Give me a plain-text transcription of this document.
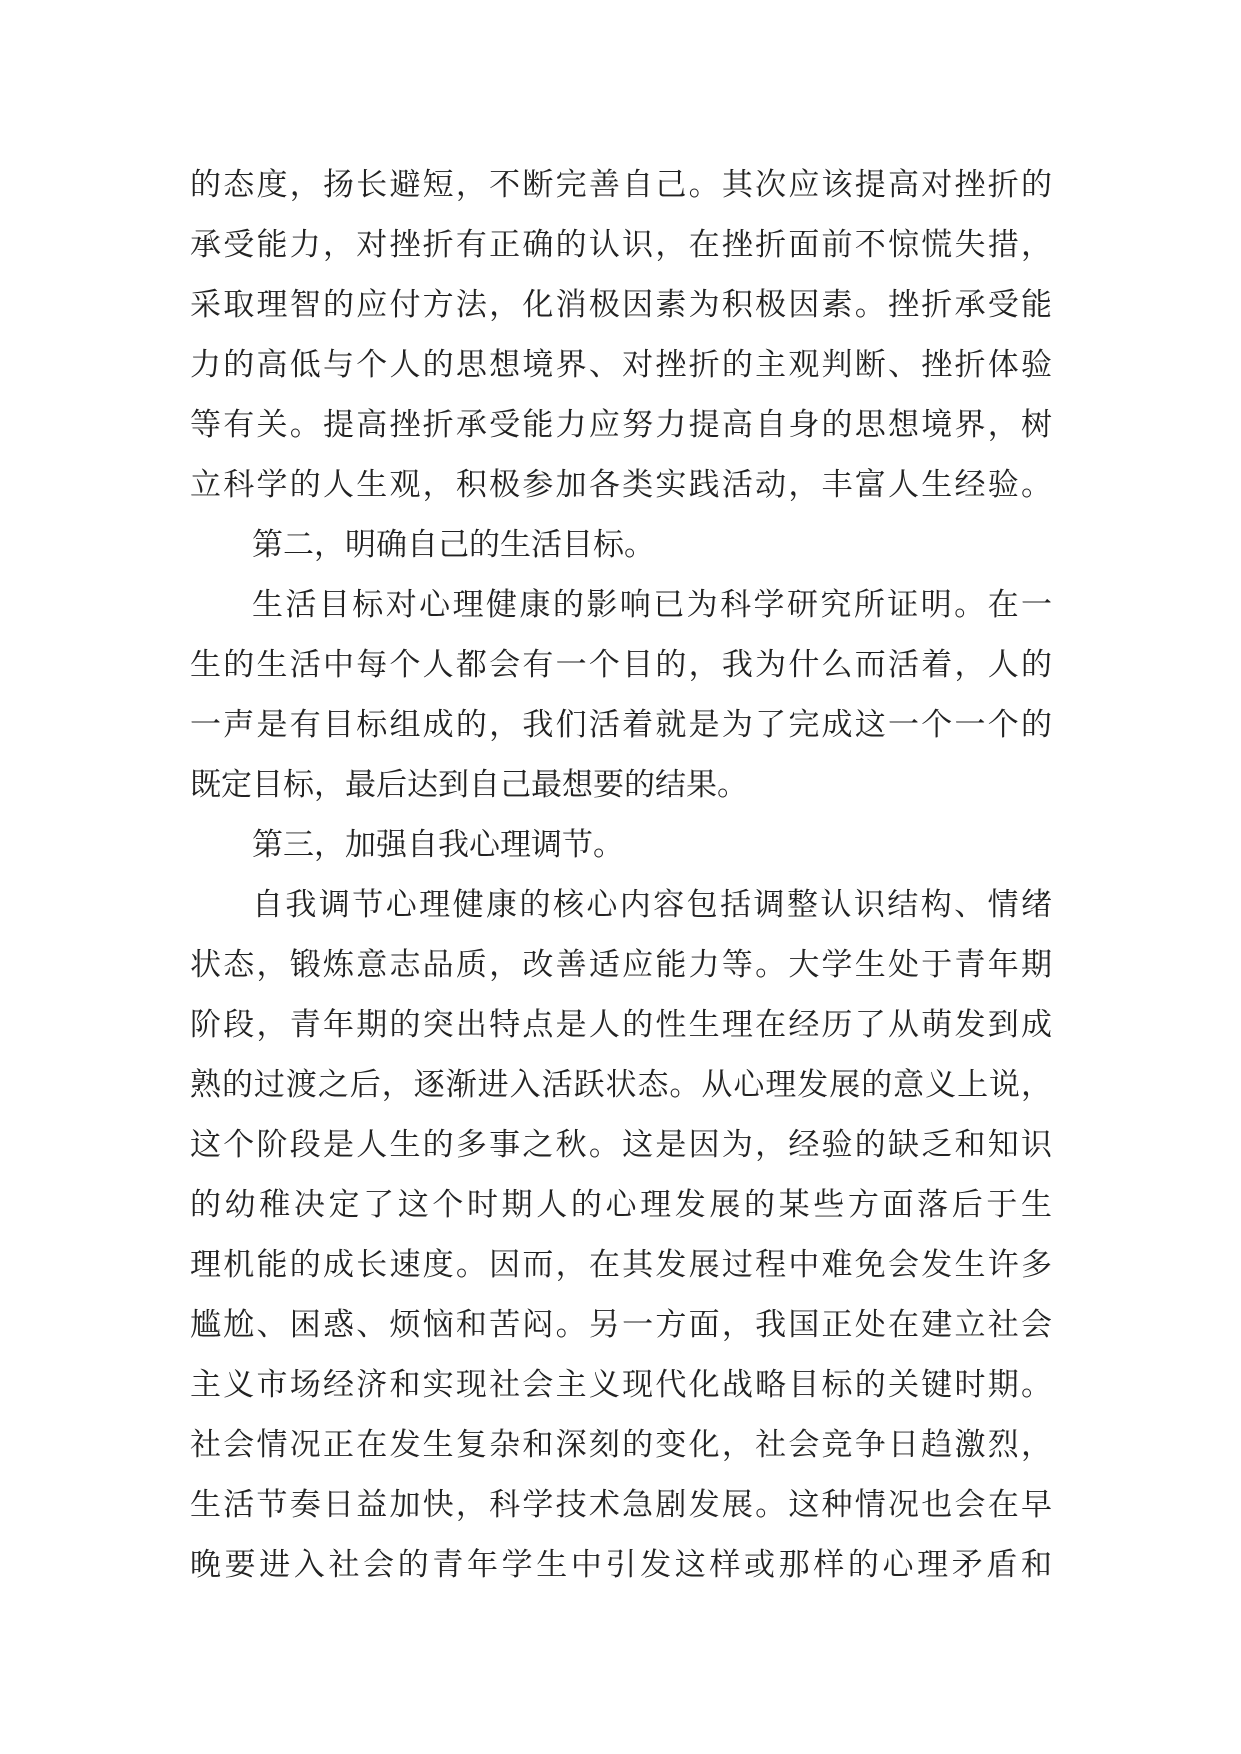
的态度，扬长避短，不断完善自己。其次应该提高对挫折的
承受能力，对挫折有正确的认识，在挫折面前不惊慌失措，
采取理智的应付方法，化消极因素为积极因素。挫折承受能
力的高低与个人的思想境界、对挫折的主观判断、挫折体验
等有关。提高挫折承受能力应努力提高自身的思想境界，树
立科学的人生观，积极参加各类实践活动，丰富人生经验。
第二，明确自己的生活目标。
生活目标对心理健康的影响已为科学研究所证明。在一
生的生活中每个人都会有一个目的，我为什么而活着，人的
一声是有目标组成的，我们活着就是为了完成这一个一个的
既定目标，最后达到自己最想要的结果。
第三，加强自我心理调节。
自我调节心理健康的核心内容包括调整认识结构、情绪
状态，锻炼意志品质，改善适应能力等。大学生处于青年期
阶段，青年期的突出特点是人的性生理在经历了从萌发到成
熟的过渡之后，逐渐进入活跃状态。从心理发展的意义上说，
这个阶段是人生的多事之秋。这是因为，经验的缺乏和知识
的幼稚决定了这个时期人的心理发展的某些方面落后于生
理机能的成长速度。因而，在其发展过程中难免会发生许多
尴尬、困惑、烦恼和苦闷。另一方面，我国正处在建立社会
主义市场经济和实现社会主义现代化战略目标的关键时期。
社会情况正在发生复杂和深刻的变化，社会竞争日趋激烈，
生活节奏日益加快，科学技术急剧发展。这种情况也会在早
晚要进入社会的青年学生中引发这样或那样的心理矛盾和
